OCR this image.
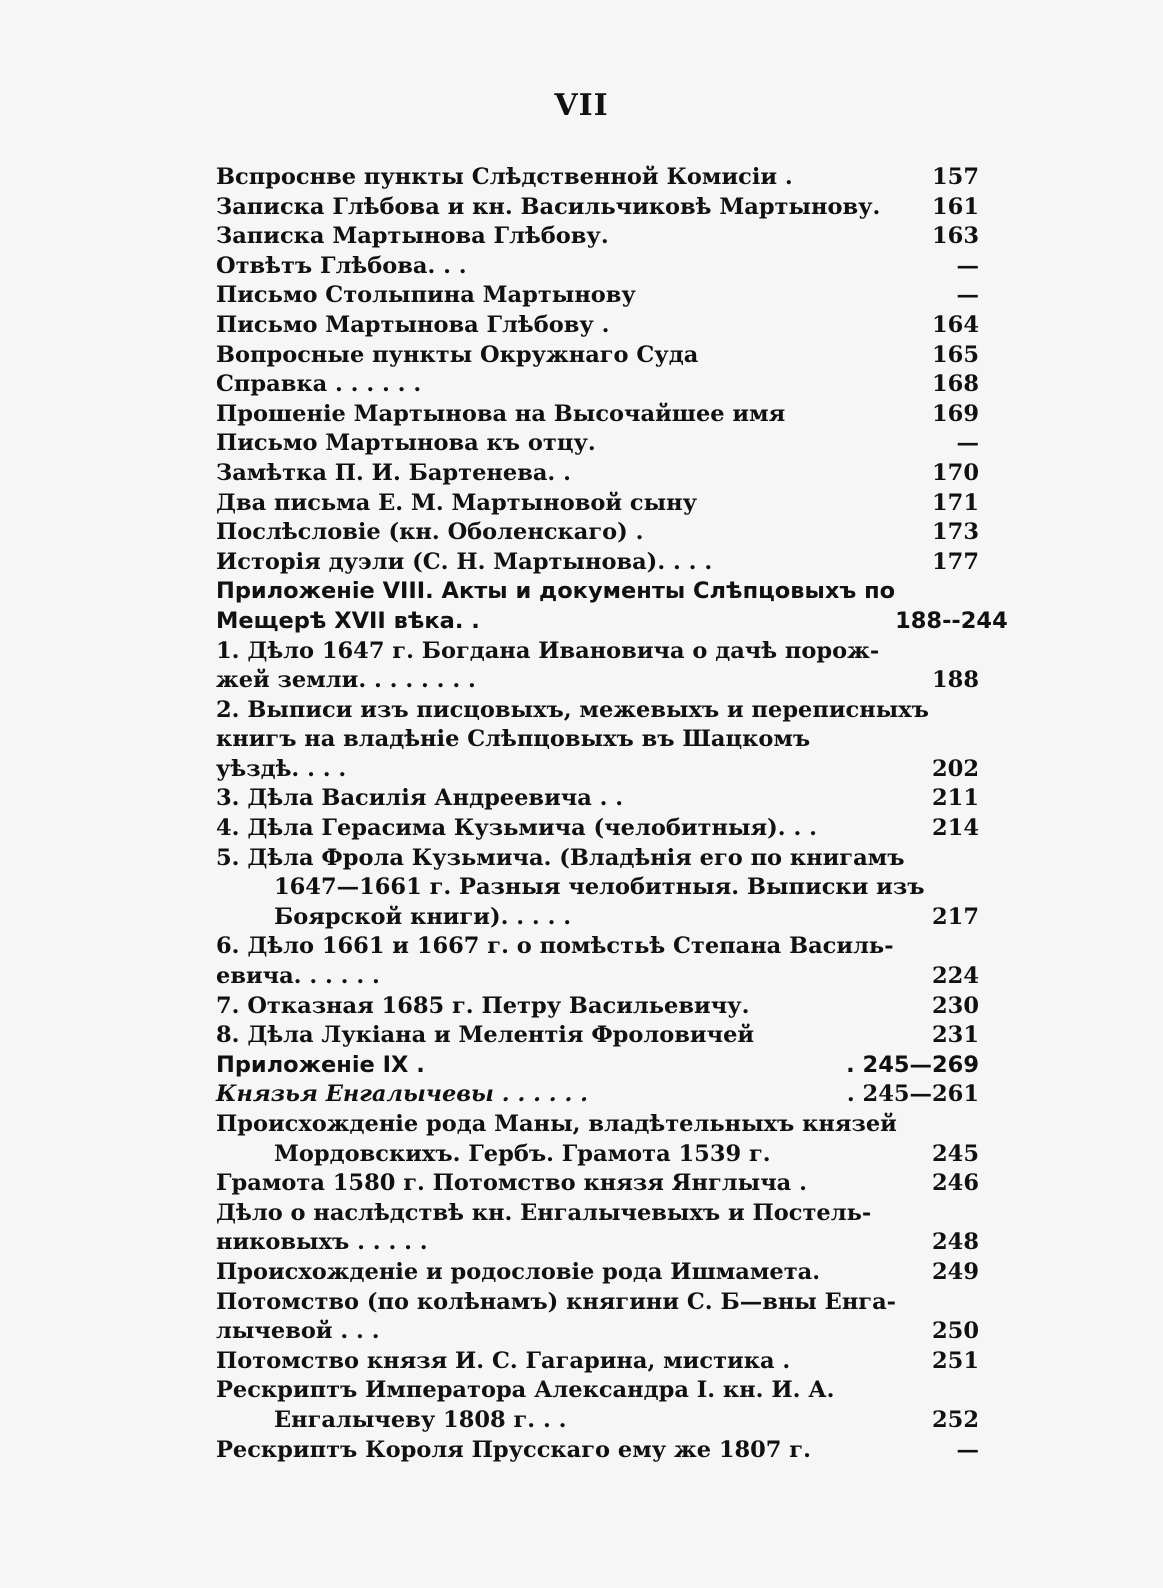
VII
Вспроснве пункты Слѣдственной Комисіи .	157
Записка Глѣбова и кн. Васильчиковѣ Мартынову.	161
Записка Мартынова Глѣбову.	163
Отвѣтъ Глѣбова. . .	—
Письмо Столыпина Мартынову	—
Письмо Мартынова Глѣбову .	164
Вопросные пункты Окружнаго Суда	165
Справка . . . . . .	168
Прошеніе Мартынова на Высочайшее имя	169
Письмо Мартынова къ отцу.	—
Замѣтка П. И. Бартенева. .	170
Два письма Е. М. Мартыновой сыну	171
Послѣсловіе (кн. Оболенскаго) .	173
Исторія дуэли (С. Н. Мартынова). . . .	177
Приложеніе VIII. Акты и документы Слѣпцовыхъ по
Мещерѣ XVII вѣка. .	188--244
1. Дѣло 1647 г. Богдана Ивановича о дачѣ порож-
жей земли. . . . . . . .	188
2. Выписи изъ писцовыхъ, межевыхъ и переписныхъ
книгъ на владѣніе Слѣпцовыхъ въ Шацкомъ
уѣздѣ. . . .	202
3. Дѣла Василія Андреевича . .	211
4. Дѣла Герасима Кузьмича (челобитныя). . .	214
5. Дѣла Фрола Кузьмича. (Владѣнія его по книгамъ
1647—1661 г. Разныя челобитныя. Выписки изъ
Боярской книги). . . . .	217
6. Дѣло 1661 и 1667 г. о помѣстьѣ Степана Василь-
евича. . . . . .	224
7. Отказная 1685 г. Петру Васильевичу.	230
8. Дѣла Лукіана и Мелентія Фроловичей	231
Приложеніе IX .	. 245—269
Князья Енгалычевы . . . . . .	. 245—261
Происхожденіе рода Маны, владѣтельныхъ князей
Мордовскихъ. Гербъ. Грамота 1539 г.	245
Грамота 1580 г. Потомство князя Янглыча .	246
Дѣло о наслѣдствѣ кн. Енгалычевыхъ и Постель-
никовыхъ . . . . .	248
Происхожденіе и родословіе рода Ишмамета.	249
Потомство (по колѣнамъ) княгини С. Б—вны Енга-
лычевой . . .	250
Потомство князя И. С. Гагарина, мистика .	251
Рескриптъ Императора Александра I. кн. И. А.
Енгалычеву 1808 г. . .	252
Рескриптъ Короля Прусскаго ему же 1807 г.	—
